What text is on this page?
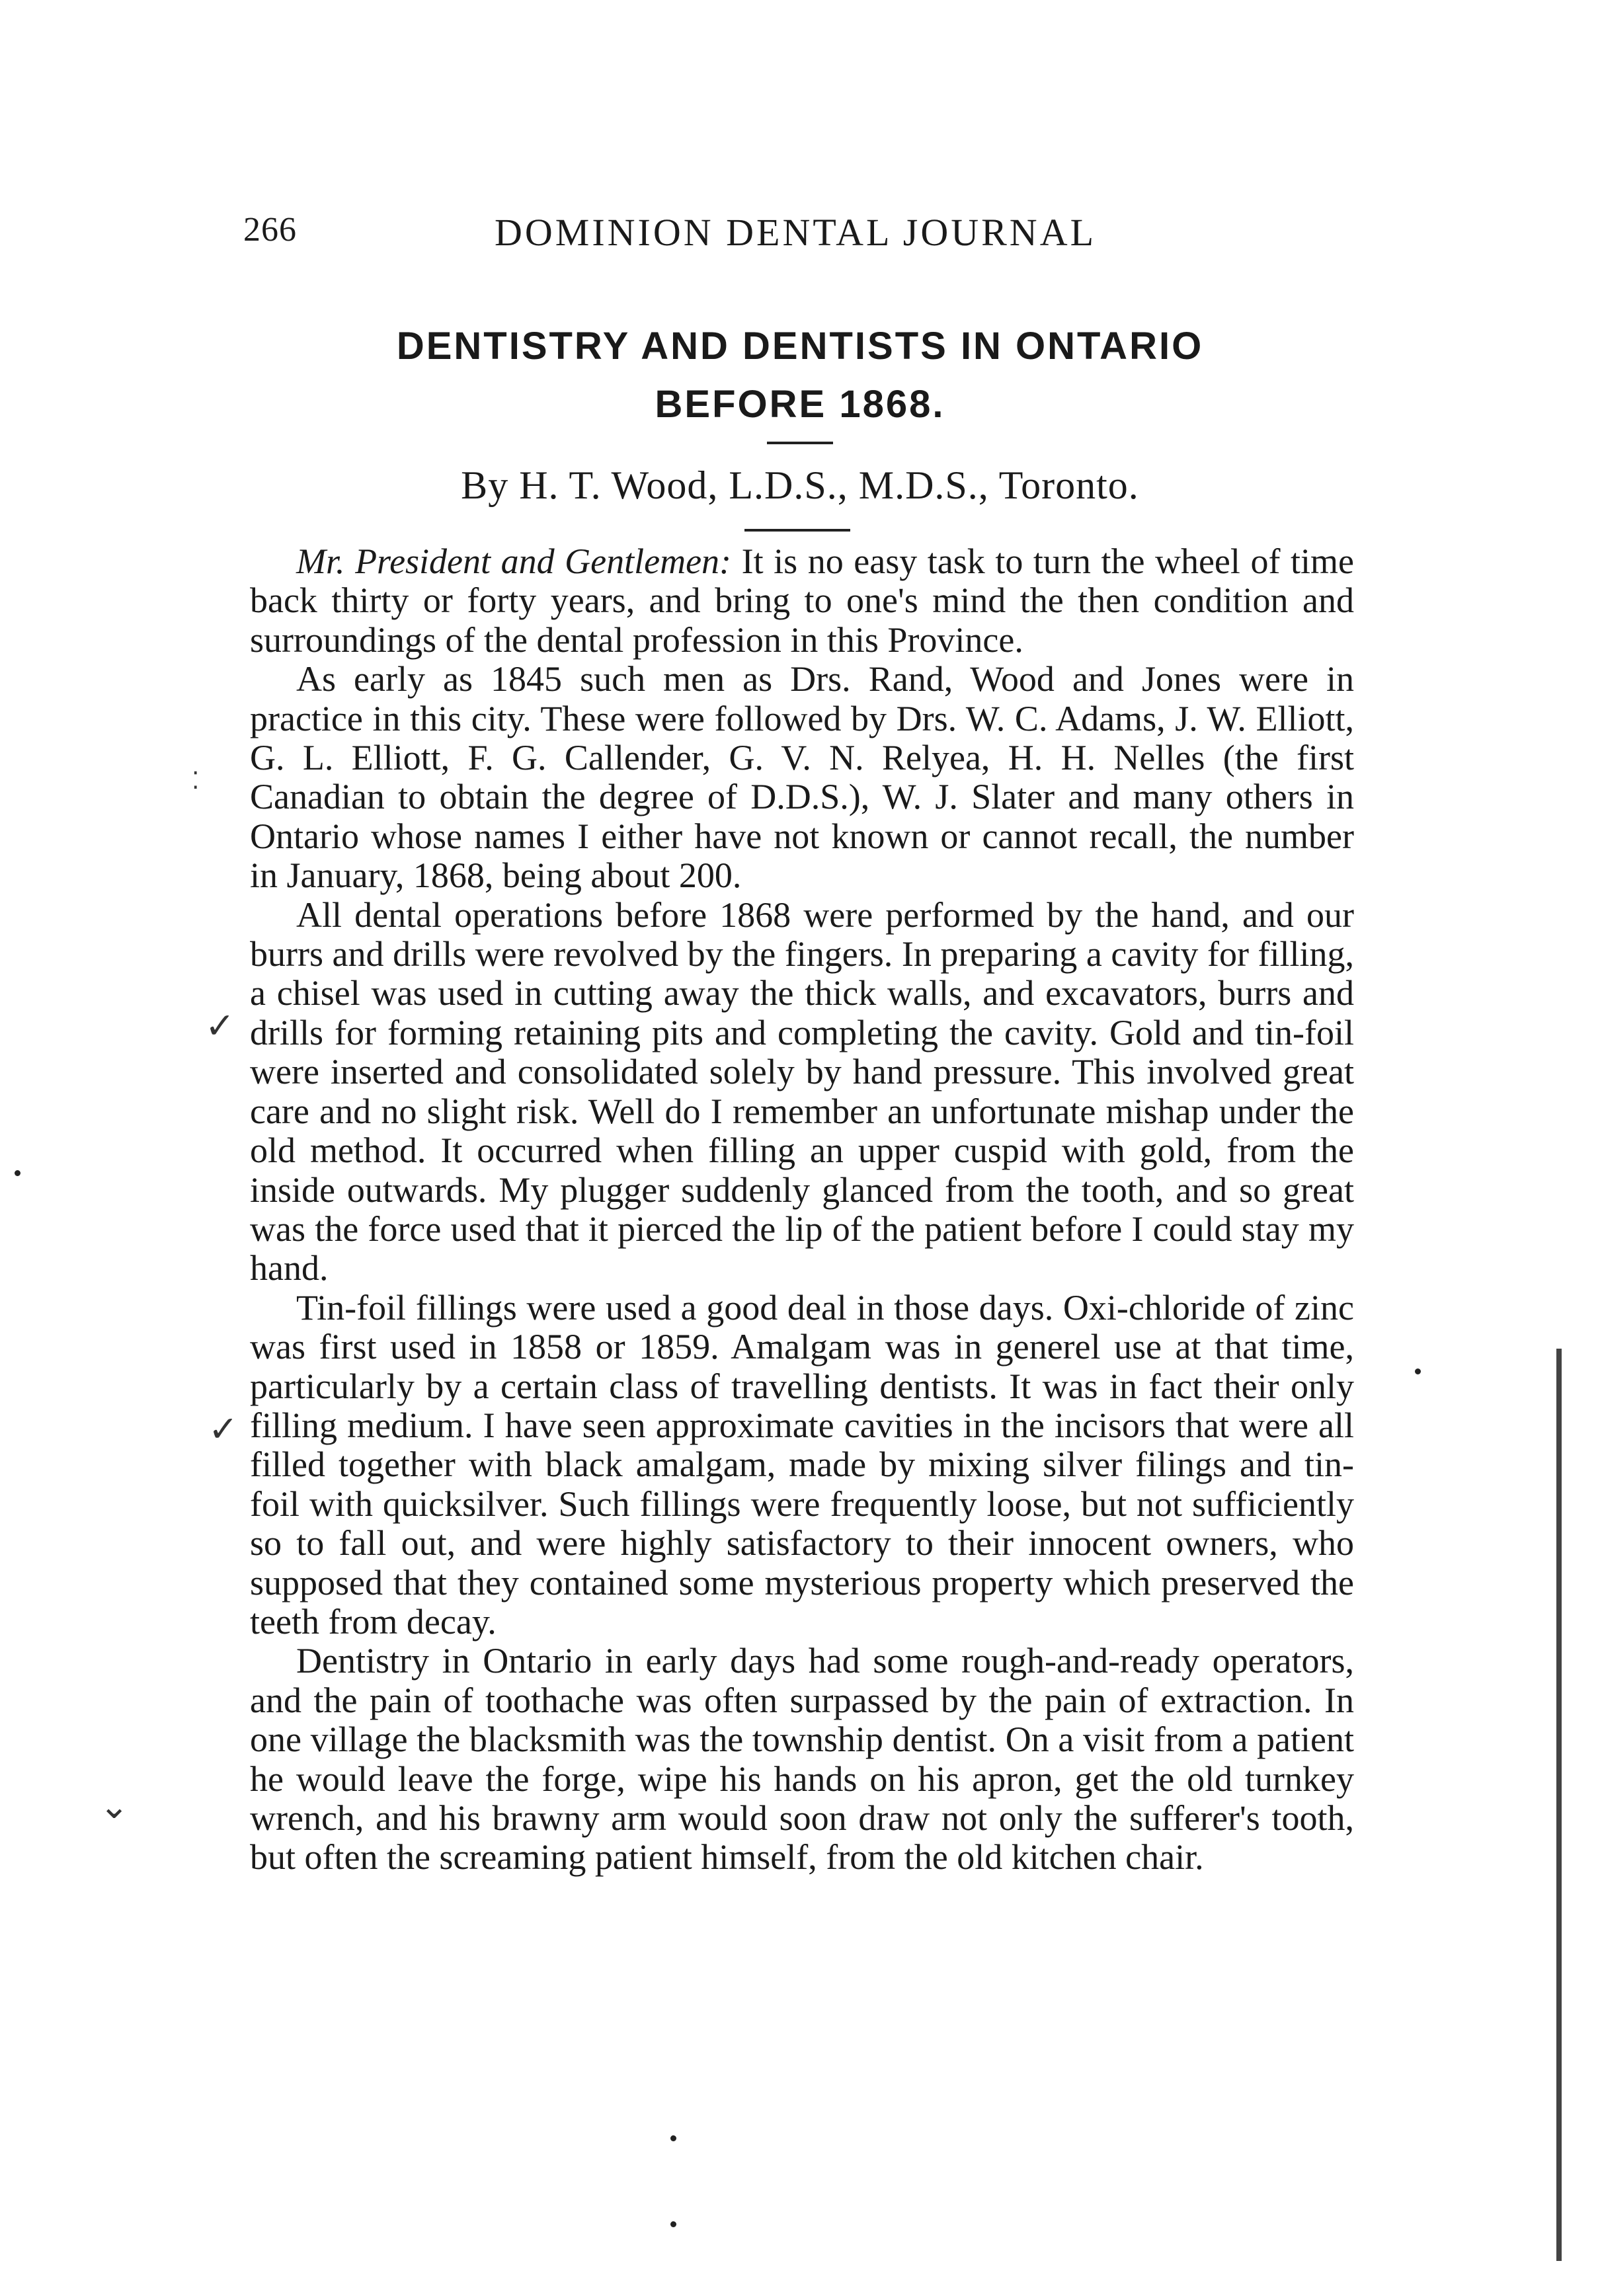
266	DOMINION DENTAL JOURNAL
DENTISTRY AND DENTISTS IN ONTARIO
BEFORE 1868.
By H. T. Wood, L.D.S., M.D.S., Toronto.

Mr. President and Gentlemen: It is no easy task to turn the wheel of time back thirty or forty years, and bring to one's mind the then condition and surroundings of the dental profession in this Province.

As early as 1845 such men as Drs. Rand, Wood and Jones were in practice in this city. These were followed by Drs. W. C. Adams, J. W. Elliott, G. L. Elliott, F. G. Callender, G. V. N. Relyea, H. H. Nelles (the first Canadian to obtain the degree of D.D.S.), W. J. Slater and many others in Ontario whose names I either have not known or cannot recall, the number in January, 1868, being about 200.

All dental operations before 1868 were performed by the hand, and our burrs and drills were revolved by the fingers. In preparing a cavity for filling, a chisel was used in cutting away the thick walls, and excavators, burrs and drills for forming retaining pits and completing the cavity. Gold and tin-foil were inserted and consolidated solely by hand pressure. This involved great care and no slight risk. Well do I remember an unfortunate mishap under the old method. It occurred when filling an upper cuspid with gold, from the inside outwards. My plugger suddenly glanced from the tooth, and so great was the force used that it pierced the lip of the patient before I could stay my hand.

Tin-foil fillings were used a good deal in those days. Oxi-chloride of zinc was first used in 1858 or 1859. Amalgam was in generel use at that time, particularly by a certain class of travelling dentists. It was in fact their only filling medium. I have seen approximate cavities in the incisors that were all filled together with black amalgam, made by mixing silver filings and tin-foil with quicksilver. Such fillings were frequently loose, but not sufficiently so to fall out, and were highly satisfactory to their innocent owners, who supposed that they contained some mysterious property which preserved the teeth from decay.

Dentistry in Ontario in early days had some rough-and-ready operators, and the pain of toothache was often surpassed by the pain of extraction. In one village the blacksmith was the township dentist. On a visit from a patient he would leave the forge, wipe his hands on his apron, get the old turnkey wrench, and his brawny arm would soon draw not only the sufferer's tooth, but often the screaming patient himself, from the old kitchen chair.

✓
✓
⌄
⁚
